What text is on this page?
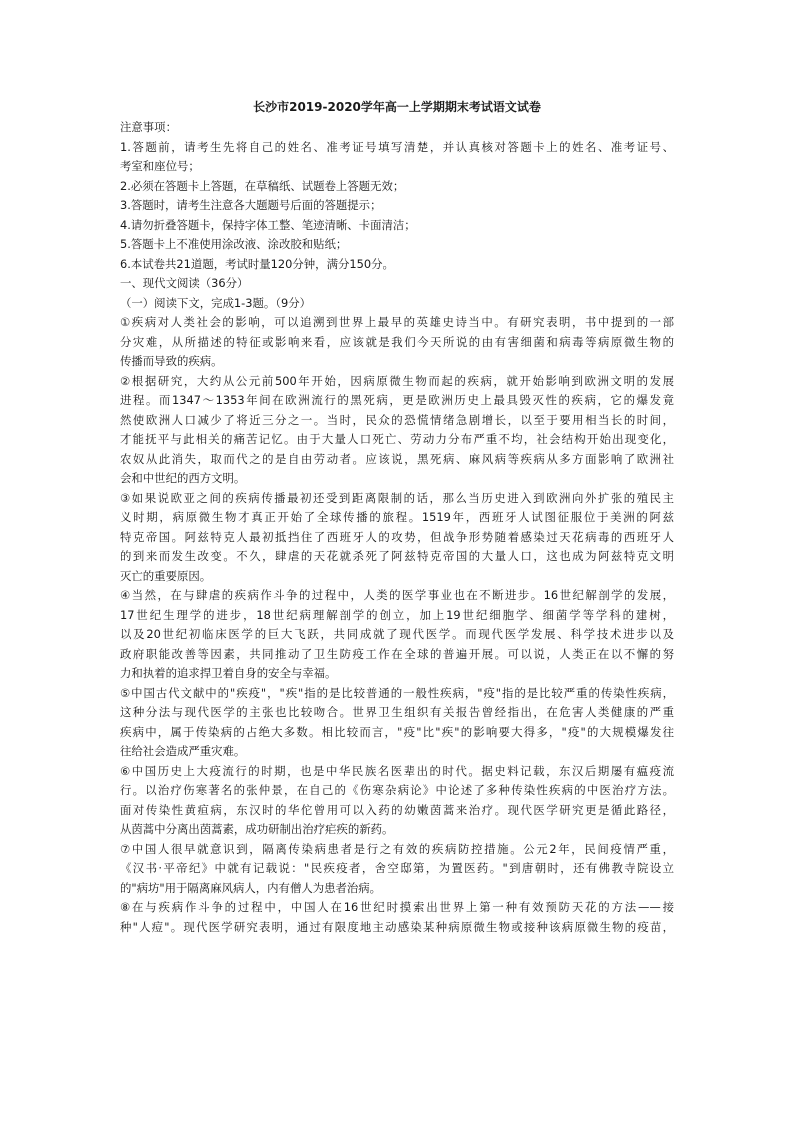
长沙市2019-2020学年高一上学期期末考试语文试卷
注意事项：
1.答题前，请考生先将自己的姓名、准考证号填写清楚，并认真核对答题卡上的姓名、准考证号、
考室和座位号；
2.必须在答题卡上答题，在草稿纸、试题卷上答题无效；
3.答题时，请考生注意各大题题号后面的答题提示；
4.请勿折叠答题卡，保持字体工整、笔迹清晰、卡面清洁；
5.答题卡上不准使用涂改液、涂改胶和贴纸；
6.本试卷共21道题，考试时量120分钟，满分150分。
一、现代文阅读（36分）
（一）阅读下文，完成1-3题。（9分）
①疾病对人类社会的影响，可以追溯到世界上最早的英雄史诗当中。有研究表明，书中提到的一部
分灾难，从所描述的特征或影响来看，应该就是我们今天所说的由有害细菌和病毒等病原微生物的
传播而导致的疾病。
②根据研究，大约从公元前500年开始，因病原微生物而起的疾病，就开始影响到欧洲文明的发展
进程。而1347～1353年间在欧洲流行的黑死病，更是欧洲历史上最具毁灭性的疾病，它的爆发竟
然使欧洲人口减少了将近三分之一。当时，民众的恐慌情绪急剧增长，以至于要用相当长的时间，
才能抚平与此相关的痛苦记忆。由于大量人口死亡、劳动力分布严重不均，社会结构开始出现变化，
农奴从此消失，取而代之的是自由劳动者。应该说，黑死病、麻风病等疾病从多方面影响了欧洲社
会和中世纪的西方文明。
③如果说欧亚之间的疾病传播最初还受到距离限制的话，那么当历史进入到欧洲向外扩张的殖民主
义时期，病原微生物才真正开始了全球传播的旅程。1519年，西班牙人试图征服位于美洲的阿兹
特克帝国。阿兹特克人最初抵挡住了西班牙人的攻势，但战争形势随着感染过天花病毒的西班牙人
的到来而发生改变。不久，肆虐的天花就杀死了阿兹特克帝国的大量人口，这也成为阿兹特克文明
灭亡的重要原因。
④当然，在与肆虐的疾病作斗争的过程中，人类的医学事业也在不断进步。16世纪解剖学的发展，
17世纪生理学的进步，18世纪病理解剖学的创立，加上19世纪细胞学、细菌学等学科的建树，
以及20世纪初临床医学的巨大飞跃，共同成就了现代医学。而现代医学发展、科学技术进步以及
政府职能改善等因素，共同推动了卫生防疫工作在全球的普遍开展。可以说，人类正在以不懈的努
力和执着的追求捍卫着自身的安全与幸福。
⑤中国古代文献中的"疾疫"，"疾"指的是比较普通的一般性疾病，"疫"指的是比较严重的传染性疾病，
这种分法与现代医学的主张也比较吻合。世界卫生组织有关报告曾经指出，在危害人类健康的严重
疾病中，属于传染病的占绝大多数。相比较而言，"疫"比"疾"的影响要大得多，"疫"的大规模爆发往
往给社会造成严重灾难。
⑥中国历史上大疫流行的时期，也是中华民族名医辈出的时代。据史料记载，东汉后期屡有瘟疫流
行。以治疗伤寒著名的张仲景，在自己的《伤寒杂病论》中论述了多种传染性疾病的中医治疗方法。
面对传染性黄疸病，东汉时的华佗曾用可以入药的幼嫩茵蒿来治疗。现代医学研究更是循此路径，
从茵蒿中分离出茵蒿素，成功研制出治疗疟疾的新药。
⑦中国人很早就意识到，隔离传染病患者是行之有效的疾病防控措施。公元2年，民间疫情严重，
《汉书·平帝纪》中就有记载说："民疾疫者，舍空邸第，为置医药。"到唐朝时，还有佛教寺院设立
的"病坊"用于隔离麻风病人，内有僧人为患者治病。
⑧在与疾病作斗争的过程中，中国人在16世纪时摸索出世界上第一种有效预防天花的方法——接
种"人痘"。现代医学研究表明，通过有限度地主动感染某种病原微生物或接种该病原微生物的疫苗，
